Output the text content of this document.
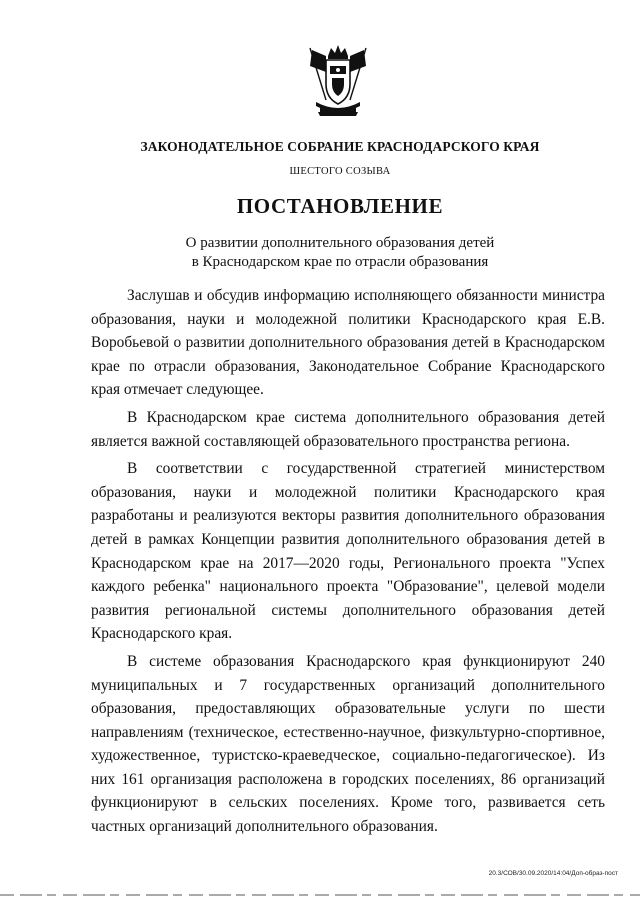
ЗАКОНОДАТЕЛЬНОЕ СОБРАНИЕ КРАСНОДАРСКОГО КРАЯ
ШЕСТОГО СОЗЫВА
ПОСТАНОВЛЕНИЕ
О развитии дополнительного образования детей
в Краснодарском крае по отрасли образования

Заслушав и обсудив информацию исполняющего обязанности министра образования, науки и молодежной политики Краснодарского края Е.В. Воробьевой о развитии дополнительного образования детей в Краснодарском крае по отрасли образования, Законодательное Собрание Краснодарского края отмечает следующее.

В Краснодарском крае система дополнительного образования детей является важной составляющей образовательного пространства региона.

В соответствии с государственной стратегией министерством образования, науки и молодежной политики Краснодарского края разработаны и реализуются векторы развития дополнительного образования детей в рамках Концепции развития дополнительного образования детей в Краснодарском крае на 2017—2020 годы, Регионального проекта "Успех каждого ребенка" национального проекта "Образование", целевой модели развития региональной системы дополнительного образования детей Краснодарского края.

В системе образования Краснодарского края функционируют 240 муниципальных и 7 государственных организаций дополнительного образования, предоставляющих образовательные услуги по шести направлениям (техническое, естественно-научное, физкультурно-спортивное, художественное, туристско-краеведческое, социально-педагогическое). Из них 161 организация расположена в городских поселениях, 86 организаций функционируют в сельских поселениях. Кроме того, развивается сеть частных организаций дополнительного образования.

20.3/СОВ/30.09.2020/14:04/Доп-образ-пост
